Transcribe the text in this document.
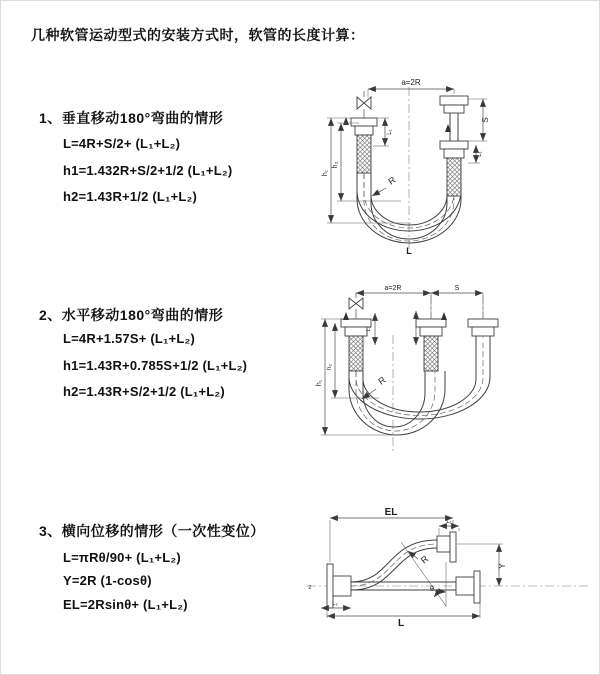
几种软管运动型式的安装方式时，软管的长度计算：
1、垂直移动180°弯曲的情形
L=4R+S/2+ (L₁+L₂)
h1=1.432R+S/2+1/2 (L₁+L₂)
h2=1.43R+1/2 (L₁+L₂)
2、水平移动180°弯曲的情形
L=4R+1.57S+ (L₁+L₂)
h1=1.43R+0.785S+1/2 (L₁+L₂)
h2=1.43R+S/2+1/2 (L₁+L₂)
3、横向位移的情形（一次性变位）
L=πRθ/90+ (L₁+L₂)
Y=2R (1-cosθ)
EL=2Rsinθ+ (L₁+L₂)
a=2R
L₁
S
L₁
h₁
h₂
R
L
a=2R	S
L₁
h₁
h₂
R
z
EL
L₁
Y
L
L₂
R
θ
